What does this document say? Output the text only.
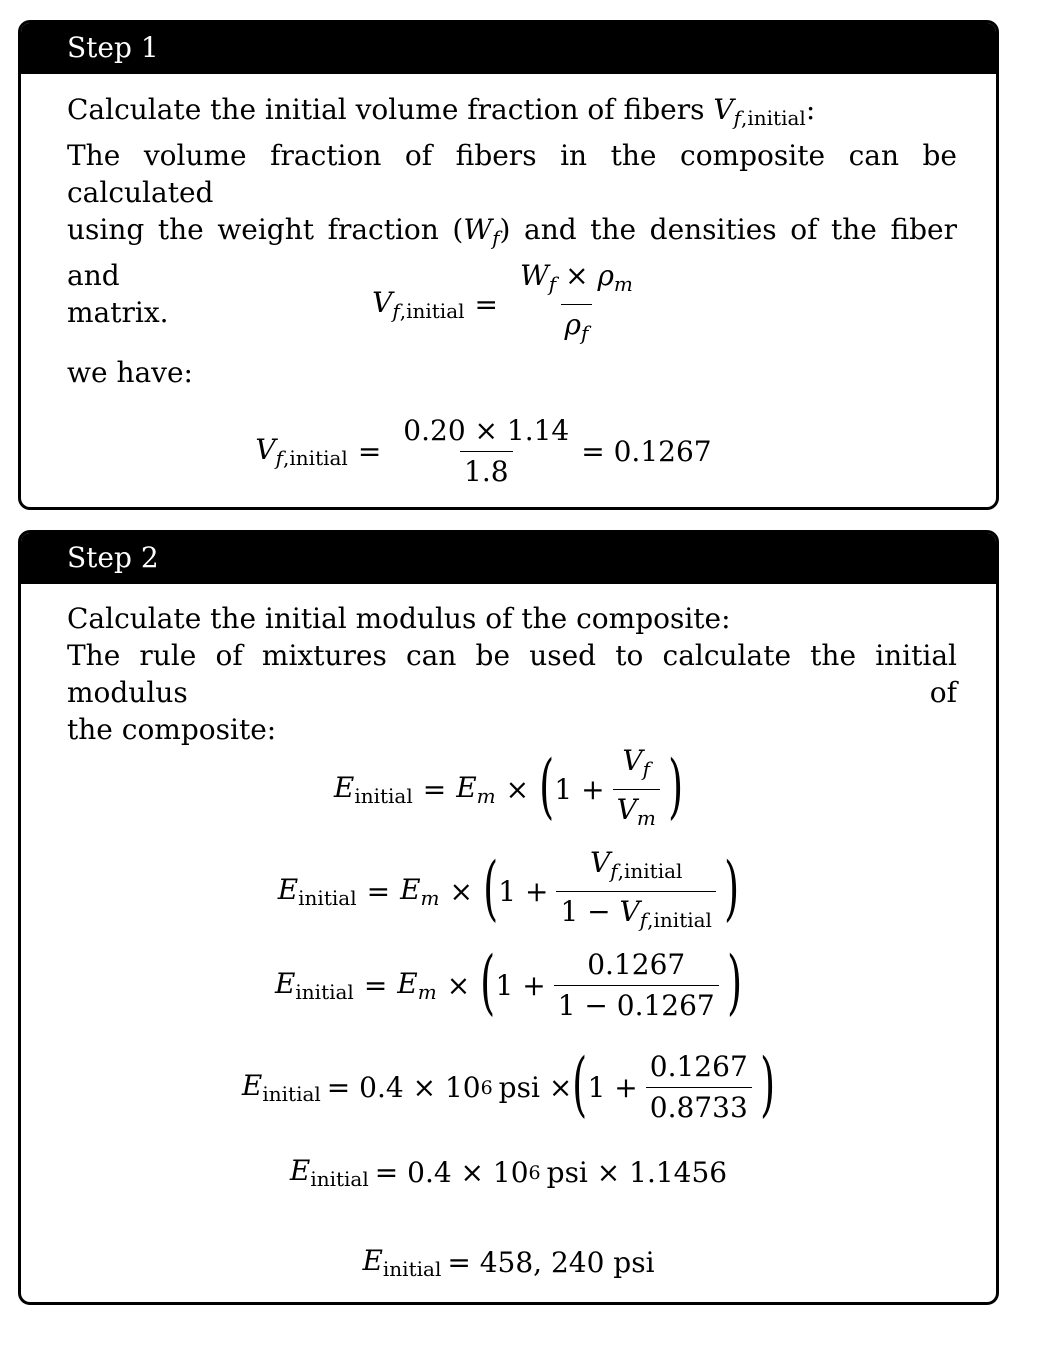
Step 1
Calculate the initial volume fraction of fibers $V_{f,initial}$:
The volume fraction of fibers in the composite can be calculated
using the weight fraction $(W_f)$ and the densities of the fiber and
matrix.	$V_{f,initial} = \frac{W_f \times \rho_m}{\rho_f}$
we have:
$V_{f,initial} = \frac{0.20 \times 1.14}{1.8} = 0.1267$
Step 2
Calculate the initial modulus of the composite:
The rule of mixtures can be used to calculate the initial modulus of
the composite:
$E_{initial} = E_m$ × ( $1 + \frac{V_f}{V_m}$ )
$E_{initial} = E_m$ × ( $1 + \frac{V_{f,initial}}{1 - V_{f,initial}}$ )
$E_{initial} = E_m$ × ( $1 + \frac{0.1267}{1 - 0.1267}$ )
$E_{initial} = 0.4 \times 10$ 6 psi × ( $1 + \frac{0.1267}{0.8733}$ )
$E_{initial} = 0.4 \times 10$ 6 psi × 1.1456
$E_{initial} = 458$, 240 psi
